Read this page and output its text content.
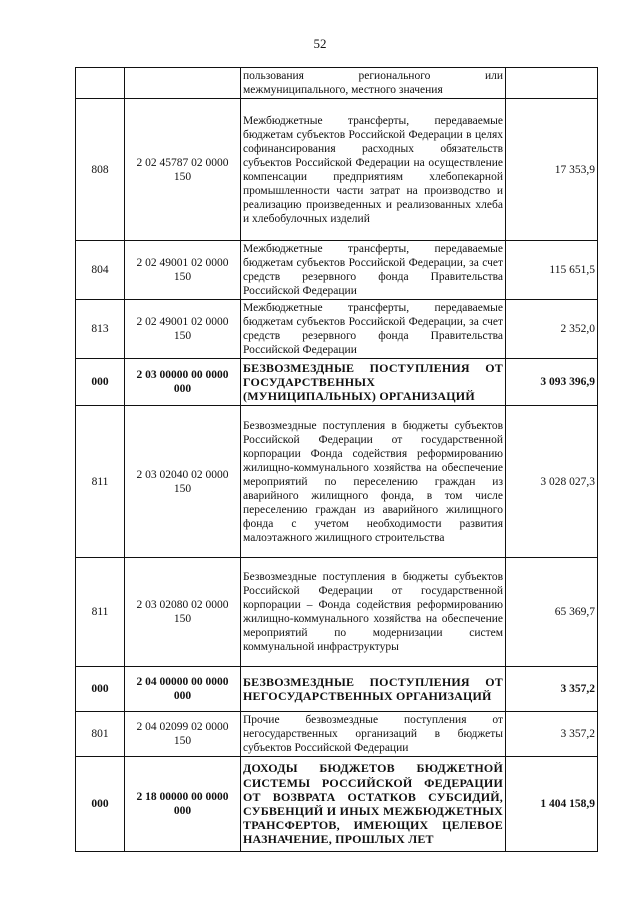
52
		пользования регионального или межмуниципального, местного значения	
808	2 02 45787 02 0000 150	Межбюджетные трансферты, передаваемые бюджетам субъектов Российской Федерации в целях софинансирования расходных обязательств субъектов Российской Федерации на осуществление компенсации предприятиям хлебопекарной промышленности части затрат на производство и реализацию произведенных и реализованных хлеба и хлебобулочных изделий	17 353,9
804	2 02 49001 02 0000 150	Межбюджетные трансферты, передаваемые бюджетам субъектов Российской Федерации, за счет средств резервного фонда Правительства Российской Федерации	115 651,5
813	2 02 49001 02 0000 150	Межбюджетные трансферты, передаваемые бюджетам субъектов Российской Федерации, за счет средств резервного фонда Правительства Российской Федерации	2 352,0
000	2 03 00000 00 0000 000	БЕЗВОЗМЕЗДНЫЕ ПОСТУПЛЕНИЯ ОТ ГОСУДАРСТВЕННЫХ (МУНИЦИПАЛЬНЫХ) ОРГАНИЗАЦИЙ	3 093 396,9
811	2 03 02040 02 0000 150	Безвозмездные поступления в бюджеты субъектов Российской Федерации от государственной корпорации Фонда содействия реформированию жилищно-коммунального хозяйства на обеспечение мероприятий по переселению граждан из аварийного жилищного фонда, в том числе переселению граждан из аварийного жилищного фонда с учетом необходимости развития малоэтажного жилищного строительства	3 028 027,3
811	2 03 02080 02 0000 150	Безвозмездные поступления в бюджеты субъектов Российской Федерации от государственной корпорации – Фонда содействия реформированию жилищно-коммунального хозяйства на обеспечение мероприятий по модернизации систем коммунальной инфраструктуры	65 369,7
000	2 04 00000 00 0000 000	БЕЗВОЗМЕЗДНЫЕ ПОСТУПЛЕНИЯ ОТ НЕГОСУДАРСТВЕННЫХ ОРГАНИЗАЦИЙ	3 357,2
801	2 04 02099 02 0000 150	Прочие безвозмездные поступления от негосударственных организаций в бюджеты субъектов Российской Федерации	3 357,2
000	2 18 00000 00 0000 000	ДОХОДЫ БЮДЖЕТОВ БЮДЖЕТНОЙ СИСТЕМЫ РОССИЙСКОЙ ФЕДЕРАЦИИ ОТ ВОЗВРАТА ОСТАТКОВ СУБСИДИЙ, СУБВЕНЦИЙ И ИНЫХ МЕЖБЮДЖЕТНЫХ ТРАНСФЕРТОВ, ИМЕЮЩИХ ЦЕЛЕВОЕ НАЗНАЧЕНИЕ, ПРОШЛЫХ ЛЕТ	1 404 158,9
